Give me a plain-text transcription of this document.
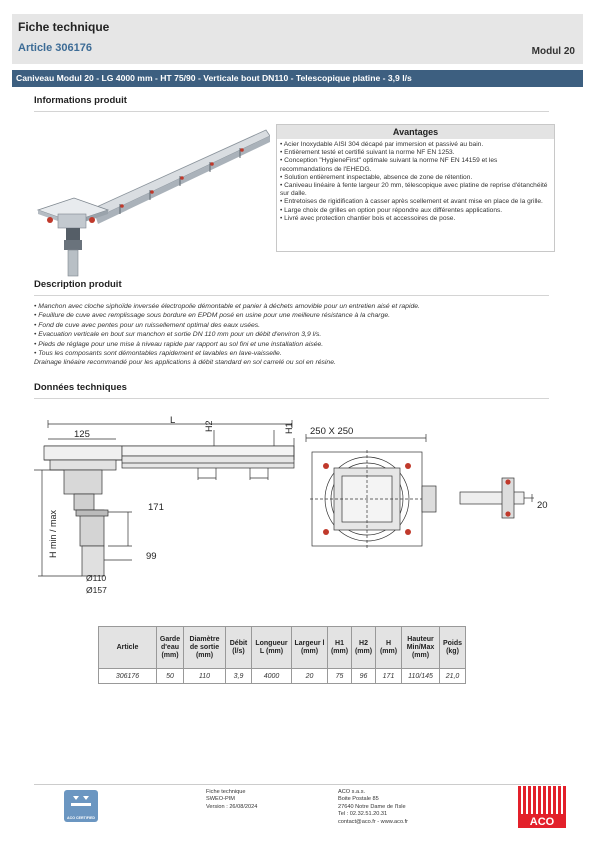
Fiche technique
Article 306176	Modul 20
Caniveau Modul 20 - LG 4000 mm - HT 75/90 - Verticale bout DN110 - Telescopique platine - 3,9 l/s
Informations produit
Avantages
• Acier Inoxydable AISI 304 décapé par immersion et passivé au bain.
• Entièrement testé et certifié suivant la norme NF EN 1253.
• Conception "HygieneFirst" optimale suivant la norme NF EN 14159 et les recommandations de l'EHEDG.
• Solution entièrement inspectable, absence de zone de rétention.
• Caniveau linéaire à fente largeur 20 mm, télescopique avec platine de reprise d'étanchéité sur dalle.
• Entretoises de rigidification à casser après scellement et avant mise en place de la grille.
• Large choix de grilles en option pour répondre aux différentes applications.
• Livré avec protection chantier bois et accessoires de pose.
Description produit
• Manchon avec cloche siphoïde inversée électropolie démontable et panier à déchets amovible pour un entretien aisé et rapide.
• Feuillure de cuve avec remplissage sous bordure en EPDM posé en usine pour une meilleure résistance à la charge.
• Fond de cuve avec pentes pour un ruissellement optimal des eaux usées.
• Evacuation verticale en bout sur manchon et sortie DN 110 mm pour un débit d'environ 3,9 l/s.
• Pieds de réglage pour une mise à niveau rapide par rapport au sol fini et une installation aisée.
• Tous les composants sont démontables rapidement et lavables en lave-vaisselle.
Drainage linéaire recommandé pour les applications à débit standard en sol carrelé ou sol en résine.
Données techniques
L
125
171
99
Ø110
Ø157
H2	H1
H min / max
250 X 250
20
Article	Garde d'eau (mm)	Diamètre de sortie (mm)	Débit (l/s)	Longueur L (mm)	Largeur l (mm)	H1 (mm)	H2 (mm)	H (mm)	Hauteur Min/Max (mm)	Poids (kg)
306176	50	110	3,9	4000	20	75	96	171	110/145	21,0
ACO CERTIFIED
Fiche technique
SWEO-PIM
Version : 26/08/2024
ACO s.a.s.
Boite Postale 85
27640 Notre Dame de l'Isle
Tel : 02.32.51.20.31
contact@aco.fr - www.aco.fr	ACO
